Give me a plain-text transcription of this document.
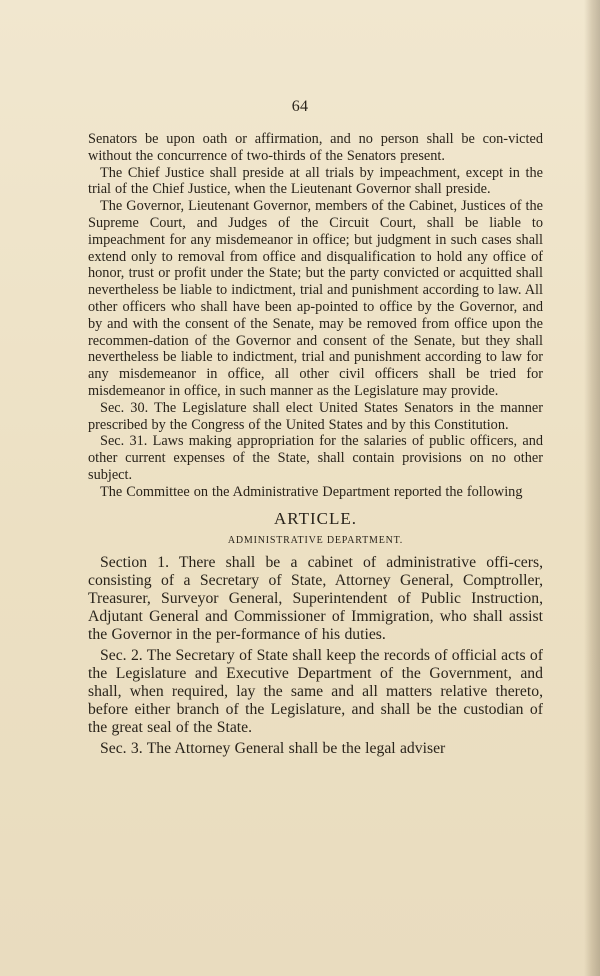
64

Senators be upon oath or affirmation, and no person shall be con-victed without the concurrence of two-thirds of the Senators present.

The Chief Justice shall preside at all trials by impeachment, except in the trial of the Chief Justice, when the Lieutenant Governor shall preside.

The Governor, Lieutenant Governor, members of the Cabinet, Justices of the Supreme Court, and Judges of the Circuit Court, shall be liable to impeachment for any misdemeanor in office; but judgment in such cases shall extend only to removal from office and disqualification to hold any office of honor, trust or profit under the State; but the party convicted or acquitted shall nevertheless be liable to indictment, trial and punishment according to law. All other officers who shall have been ap-pointed to office by the Governor, and by and with the consent of the Senate, may be removed from office upon the recommen-dation of the Governor and consent of the Senate, but they shall nevertheless be liable to indictment, trial and punishment according to law for any misdemeanor in office, all other civil officers shall be tried for misdemeanor in office, in such manner as the Legislature may provide.

Sec. 30. The Legislature shall elect United States Senators in the manner prescribed by the Congress of the United States and by this Constitution.

Sec. 31. Laws making appropriation for the salaries of public officers, and other current expenses of the State, shall contain provisions on no other subject.

The Committee on the Administrative Department reported the following

ARTICLE.
ADMINISTRATIVE DEPARTMENT.

Section 1. There shall be a cabinet of administrative offi-cers, consisting of a Secretary of State, Attorney General, Comptroller, Treasurer, Surveyor General, Superintendent of Public Instruction, Adjutant General and Commissioner of Immigration, who shall assist the Governor in the per-formance of his duties.

Sec. 2. The Secretary of State shall keep the records of official acts of the Legislature and Executive Department of the Government, and shall, when required, lay the same and all matters relative thereto, before either branch of the Legislature, and shall be the custodian of the great seal of the State.

Sec. 3. The Attorney General shall be the legal adviser
